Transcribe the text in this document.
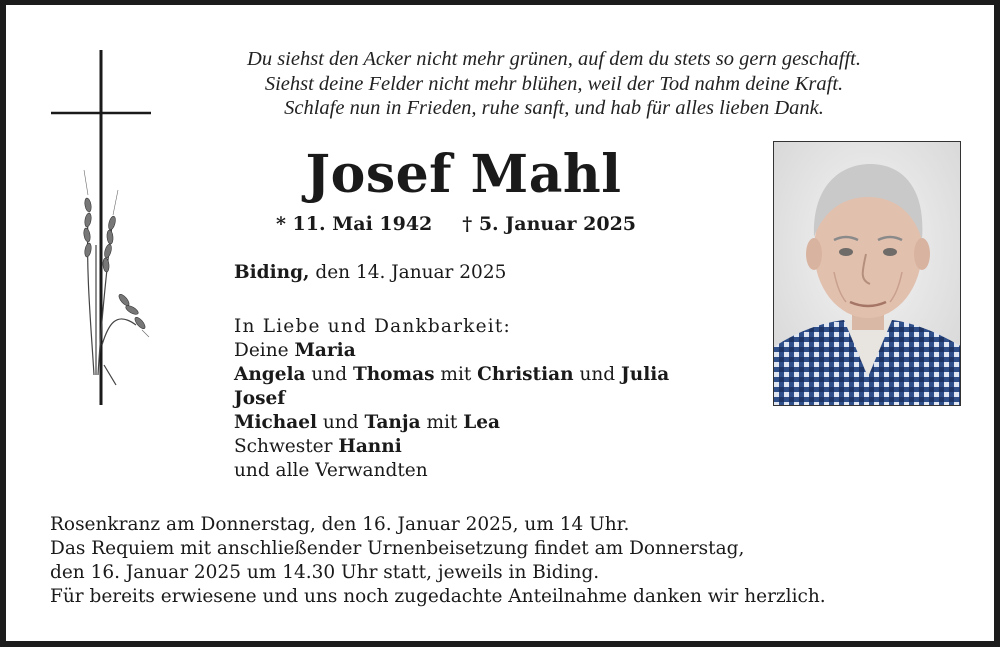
Du siehst den Acker nicht mehr grünen, auf dem du stets so gern geschafft.
Siehst deine Felder nicht mehr blühen, weil der Tod nahm deine Kraft.
Schlafe nun in Frieden, ruhe sanft, und hab für alles lieben Dank.
Josef Mahl
* 11. Mai 1942 † 5. Januar 2025
Biding, den 14. Januar 2025
In Liebe und Dankbarkeit:
Deine Maria
Angela und Thomas mit Christian und Julia
Josef
Michael und Tanja mit Lea
Schwester Hanni
und alle Verwandten
Rosenkranz am Donnerstag, den 16. Januar 2025, um 14 Uhr.
Das Requiem mit anschließender Urnenbeisetzung findet am Donnerstag,
den 16. Januar 2025 um 14.30 Uhr statt, jeweils in Biding.
Für bereits erwiesene und uns noch zugedachte Anteilnahme danken wir herzlich.
